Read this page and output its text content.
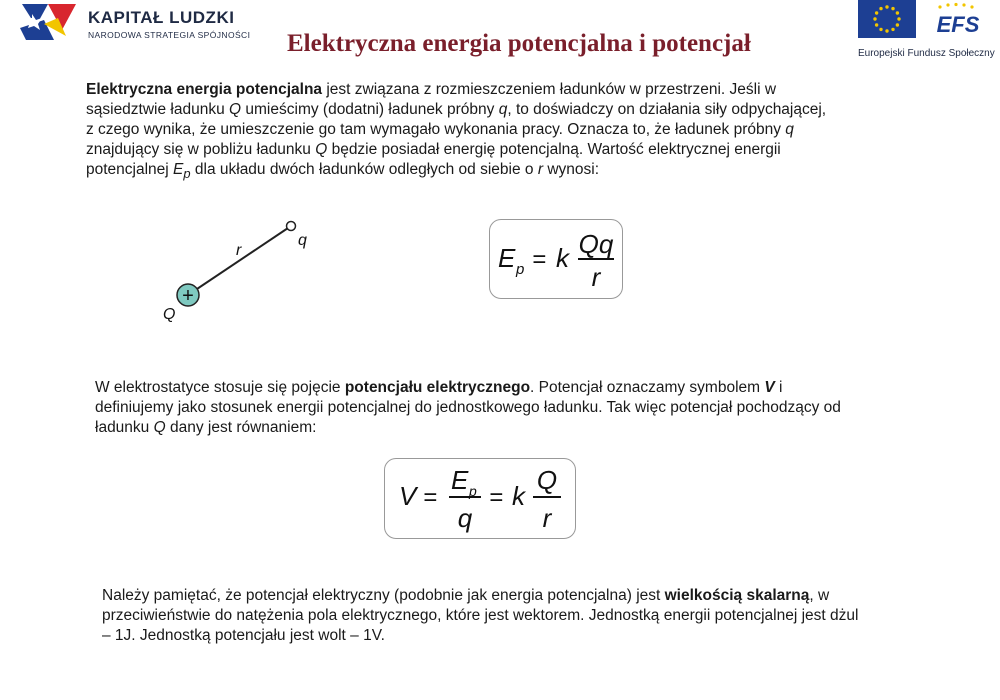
KAPITAŁ LUDZKI
NARODOWA STRATEGIA SPÓJNOŚCI	EFS
Europejski Fundusz Społeczny
Elektryczna energia potencjalna i potencjał
Elektryczna energia potencjalna jest związana z rozmieszczeniem ładunków w przestrzeni. Jeśli w
sąsiedztwie ładunku Q umieścimy (dodatni) ładunek próbny q, to doświadczy on działania siły odpychającej,
z czego wynika, że umieszczenie go tam wymagało wykonania pracy. Oznacza to, że ładunek próbny q
znajdujący się w pobliżu ładunku Q będzie posiadał energię potencjalną. Wartość elektrycznej energii
potencjalnej $E_p$ dla układu dwóch ładunków odległych od siebie o r wynosi:
+
r
q
Q
E p = k Qq
r
W elektrostatyce stosuje się pojęcie potencjału elektrycznego. Potencjał oznaczamy symbolem V i
definiujemy jako stosunek energii potencjalnej do jednostkowego ładunku. Tak więc potencjał pochodzący od
ładunku Q dany jest równaniem:
V =
E p
q
= k
Q
r
Należy pamiętać, że potencjał elektryczny (podobnie jak energia potencjalna) jest wielkością skalarną, w
przeciwieństwie do natężenia pola elektrycznego, które jest wektorem. Jednostką energii potencjalnej jest dżul
– 1J. Jednostką potencjału jest wolt – 1V.
